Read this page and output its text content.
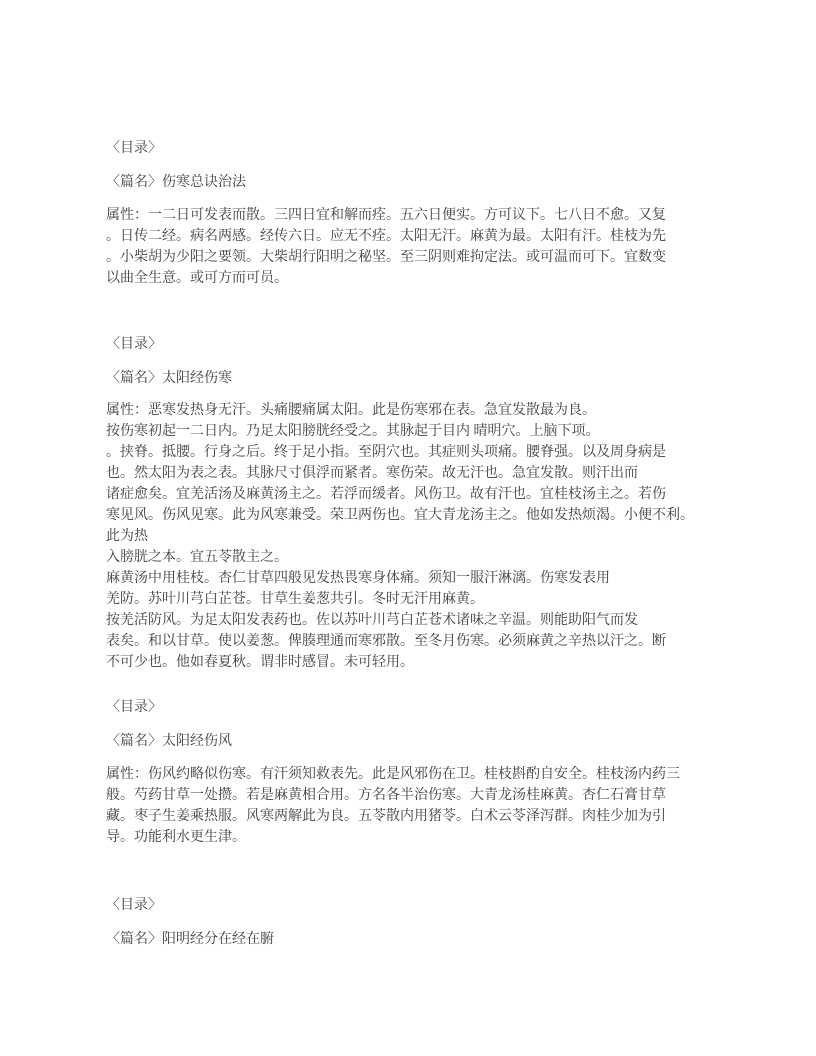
〈目录〉
〈篇名〉伤寒总诀治法
属性：一二日可发表而散。三四日宜和解而痊。五六日便实。方可议下。七八日不愈。又复
。日传二经。病名两感。经传六日。应无不痊。太阳无汗。麻黄为最。太阳有汗。桂枝为先
。小柴胡为少阳之要领。大柴胡行阳明之秘坚。至三阴则难拘定法。或可温而可下。宜数变
以曲全生意。或可方而可员。
〈目录〉
〈篇名〉太阳经伤寒
属性：恶寒发热身无汗。头痛腰痛属太阳。此是伤寒邪在表。急宜发散最为良。
按伤寒初起一二日内。乃足太阳膀胱经受之。其脉起于目内 晴明穴。上脑下项。
。挟脊。抵腰。行身之后。终于足小指。至阴穴也。其症则头项痛。腰脊强。以及周身病是
也。然太阳为表之表。其脉尺寸俱浮而紧者。寒伤荣。故无汗也。急宜发散。则汗出而
诸症愈矣。宜羌活汤及麻黄汤主之。若浮而缓者。风伤卫。故有汗也。宜桂枝汤主之。若伤
寒见风。伤风见寒。此为风寒兼受。荣卫两伤也。宜大青龙汤主之。他如发热烦渴。小便不利。
此为热
入膀胱之本。宜五苓散主之。
麻黄汤中用桂枝。杏仁甘草四般见发热畏寒身体痛。须知一服汗淋漓。伤寒发表用
羌防。苏叶川芎白芷苍。甘草生姜葱共引。冬时无汗用麻黄。
按羌活防风。为足太阳发表药也。佐以苏叶川芎白芷苍术诸味之辛温。则能助阳气而发
表矣。和以甘草。使以姜葱。俾腠理通而寒邪散。至冬月伤寒。必须麻黄之辛热以汗之。断
不可少也。他如春夏秋。谓非时感冒。未可轻用。
〈目录〉
〈篇名〉太阳经伤风
属性：伤风约略似伤寒。有汗须知救表先。此是风邪伤在卫。桂枝斟酌自安全。桂枝汤内药三
般。芍药甘草一处攒。若是麻黄相合用。方名各半治伤寒。大青龙汤桂麻黄。杏仁石膏甘草
藏。枣子生姜乘热服。风寒两解此为良。五苓散内用猪苓。白术云苓泽泻群。肉桂少加为引
导。功能利水更生津。
〈目录〉
〈篇名〉阳明经分在经在腑
